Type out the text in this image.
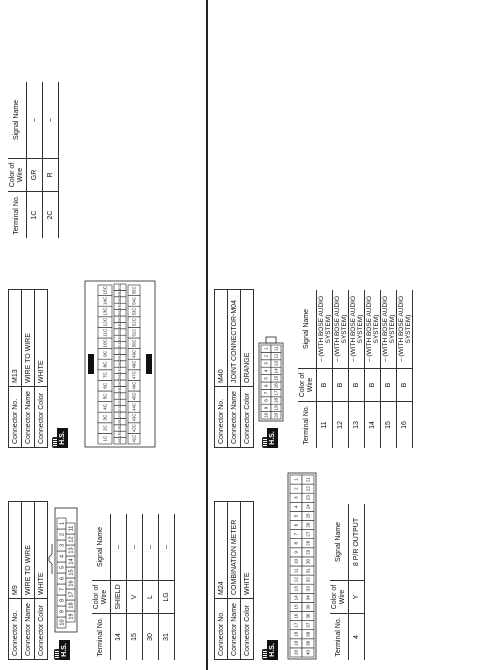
Connector No.	M9
Connector Name	WIRE TO WIRE
Connector Color	WHITE
H.S.
10
9
8
7
6
5
4
3
2
1
19
18
17
16
15
14
13
12
11
Terminal No.	Color of Wire	Signal Name
14	SHIELD	–
15	V	–
30	L	–
31	LG	–
Connector No.	M13
Connector Name	WIRE TO WIRE
Connector Color	WHITE
H.S.	1C
2C
3C
4C
5C
6C
7C
8C
9C
10C
11C
12C
13C
14C
15C
16C
17C
18C
19C
20C
21C
22C
23C
24C
25C
26C
27C
28C
29C
30C
31C
32C
33C
34C
35C
36C
37C
38C
39C
40C
41C
42C
43C
44C
45C
46C
47C
48C
49C
50C
51C
52C
53C
54C
55C
Terminal No.	Color of Wire	Signal Name
1C	GR	–
2C	R	–
Connector No.	M24
Connector Name	COMBINATION METER
Connector Color	WHITE
H.S.	20
19
18
17
16
15
14
13
12
11
10
9
8
7
6
5
4
3
2
1
40
39
38
37
36
35
34
33
32
31
30
29
28
27
26
25
24
23
22
21
Terminal No.	Color of Wire	Signal Name
4	Y	8 P/R OUTPUT
Connector No.	M40
Connector Name	JOINT CONNECTOR-M04
Connector Color	ORANGE
H.S.
10
9
8
7
6
5
4
3
2
1
20
19
18
17
16
15
14
13
12
11
Terminal No.	Color of Wire	Signal Name
11	B	– (WITH BOSE AUDIO SYSTEM)
12	B	– (WITH BOSE AUDIO SYSTEM)
13	B	– (WITH BOSE AUDIO SYSTEM)
14	B	– (WITH BOSE AUDIO SYSTEM)
15	B	– (WITH BOSE AUDIO SYSTEM)
16	B	– (WITH BOSE AUDIO SYSTEM)
